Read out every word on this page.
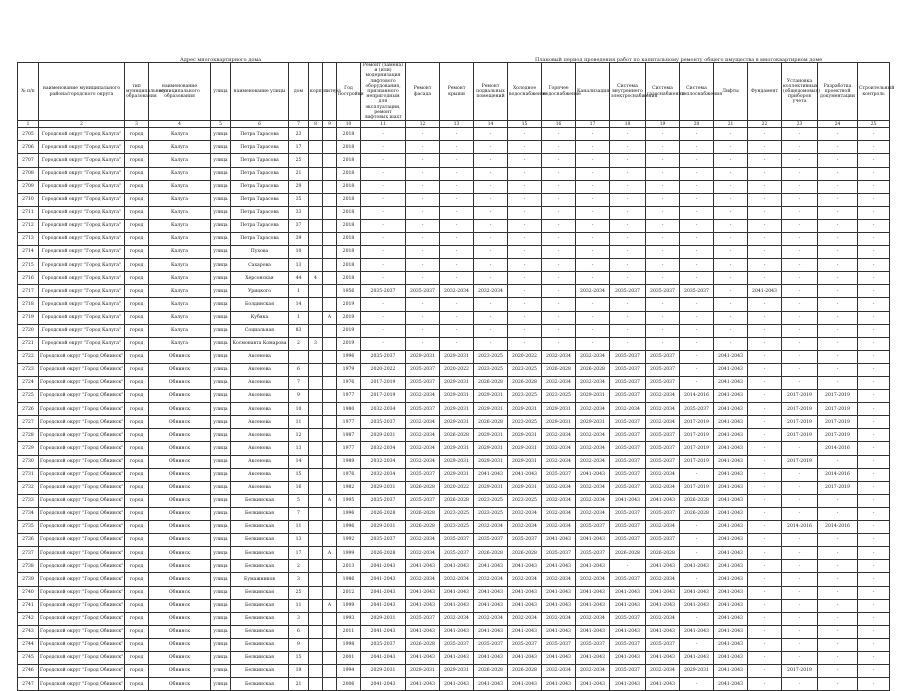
Адрес многоквартирного дома	Плановый период проведения работ по капитальному ремонту общего имущества в многоквартирном доме
№ п/п	наименование муниципального района/городского округа	тип муниципального образования	наименование муниципального образования	улица	наименование улицы	дом	корпус	литера	Год постройки	Ремонт (замена) и (или) модернизация лифтового оборудования, признанного непригодным для эксплуатации, ремонт лифтовых шахт	Ремонт фасада	Ремонт крыши	Ремонт подвальных помещений	Холодное водоснабжение	Горячее водоснабжение	Канализация	Система внутреннего электроснабжения	Система газоснабжения	Система теплоснабжения	Лифты	Фундамент	Установка коллективных (общедомовых) приборов учета	Разработка проектной документации	Строительный контроль
1	2	3	4	5	6	7	8	9	10	11	12	13	14	15	16	17	18	19	20	21	22	23	24	25
2705	Городской округ "Город Калуга"	город	Калуга	улица	Петра Тарасова	23			2018	-	-	-	-	-	-	-	-	-	-	-	-	-	-	-
2706	Городской округ "Город Калуга"	город	Калуга	улица	Петра Тарасова	17			2018	-	-	-	-	-	-	-	-	-	-	-	-	-	-	-
2707	Городской округ "Город Калуга"	город	Калуга	улица	Петра Тарасова	25			2018	-	-	-	-	-	-	-	-	-	-	-	-	-	-	-
2708	Городской округ "Город Калуга"	город	Калуга	улица	Петра Тарасова	21			2018	-	-	-	-	-	-	-	-	-	-	-	-	-	-	-
2709	Городской округ "Город Калуга"	город	Калуга	улица	Петра Тарасова	29			2018	-	-	-	-	-	-	-	-	-	-	-	-	-	-	-
2710	Городской округ "Город Калуга"	город	Калуга	улица	Петра Тарасова	35			2018	-	-	-	-	-	-	-	-	-	-	-	-	-	-	-
2711	Городской округ "Город Калуга"	город	Калуга	улица	Петра Тарасова	33			2018	-	-	-	-	-	-	-	-	-	-	-	-	-	-	-
2712	Городской округ "Город Калуга"	город	Калуга	улица	Петра Тарасова	37			2018	-	-	-	-	-	-	-	-	-	-	-	-	-	-	-
2713	Городской округ "Город Калуга"	город	Калуга	улица	Петра Тарасова	39			2018	-	-	-	-	-	-	-	-	-	-	-	-	-	-	-
2714	Городской округ "Город Калуга"	город	Калуга	улица	Пухова	10			2018	-	-	-	-	-	-	-	-	-	-	-	-	-	-	-
2715	Городской округ "Город Калуга"	город	Калуга	улица	Сахарова	13			2018	-	-	-	-	-	-	-	-	-	-	-	-	-	-	-
2716	Городской округ "Город Калуга"	город	Калуга	улица	Херсонская	44	4		2018	-	-	-	-	-	-	-	-	-	-	-	-	-	-	-
2717	Городской округ "Город Калуга"	город	Калуга	улица	Урицкого	1			1956	2035-2037	2035-2037	2032-2034	2032-2034	-	-	2032-2034	2035-2037	2035-2037	2035-2037	-	2041-2043	-	-	-
2718	Городской округ "Город Калуга"	город	Калуга	улица	Болдинская	14			2019	-	-	-	-	-	-	-	-	-	-	-	-	-	-	-
2719	Городской округ "Город Калуга"	город	Калуга	улица	Кубяка	1		А	2019	-	-	-	-	-	-	-	-	-	-	-	-	-	-	-
2720	Городской округ "Город Калуга"	город	Калуга	улица	Социальная	83			2019	-	-	-	-	-	-	-	-	-	-	-	-	-	-	-
2721	Городской округ "Город Калуга"	город	Калуга	улица	Космонавта Комарова	2	3		2019	-	-	-	-	-	-	-	-	-	-	-	-	-	-	-
2722	Городской округ "Город Обнинск"	город	Обнинск	улица	Аксенова				1996	2035-2037	2029-2031	2029-2031	2023-2025	2020-2022	2032-2034	2032-2034	2035-2037	2035-2037	-	2041-2043	-	-	-	-
2723	Городской округ "Город Обнинск"	город	Обнинск	улица	Аксенова	6			1979	2020-2022	2035-2037	2020-2022	2023-2025	2023-2025	2026-2028	2026-2028	2035-2037	2035-2037	-	2041-2043	-	-	-	-
2724	Городской округ "Город Обнинск"	город	Обнинск	улица	Аксенова	7			1976	2017-2019	2035-2037	2029-2031	2026-2028	2026-2028	2032-2034	2032-2034	2035-2037	2035-2037	-	2041-2043	-	-	-	-
2725	Городской округ "Город Обнинск"	город	Обнинск	улица	Аксенова	9			1977	2017-2019	2032-2034	2029-2031	2029-2031	2023-2025	2023-2025	2029-2031	2035-2037	2032-2034	2014-2016	2041-2043	-	2017-2019	2017-2019	-
2726	Городской округ "Город Обнинск"	город	Обнинск	улица	Аксенова	10			1980	2032-2034	2035-2037	2029-2031	2029-2031	2029-2031	2029-2031	2032-2034	2032-2034	2032-2034	2035-2037	2041-2043	-	2017-2019	2017-2019	-
2727	Городской округ "Город Обнинск"	город	Обнинск	улица	Аксенова	11			1977	2035-2037	2032-2034	2029-2031	2026-2028	2023-2025	2029-2031	2029-2031	2035-2037	2032-2034	2017-2019	2041-2043	-	2017-2019	2017-2019	-
2728	Городской округ "Город Обнинск"	город	Обнинск	улица	Аксенова	12			1987	2029-2031	2032-2034	2026-2028	2029-2031	2029-2031	2032-2034	2032-2034	2035-2037	2035-2037	2017-2019	2041-2043	-	2017-2019	2017-2019	-
2729	Городской округ "Город Обнинск"	город	Обнинск	улица	Аксенова	13			1977	2032-2034	2032-2034	2029-2031	2029-2031	2029-2031	2032-2034	2032-2034	2035-2037	2035-2037	2017-2019	2041-2043	-	-	2014-2016	-
2730	Городской округ "Город Обнинск"	город	Обнинск	улица	Аксенова	14			1989	2032-2034	2032-2034	2029-2031	2029-2031	2029-2031	2032-2034	2032-2034	2035-2037	2035-2037	2017-2019	2041-2043	-	2017-2019	-	-
2731	Городской округ "Город Обнинск"	город	Обнинск	улица	Аксенова	15			1976	2032-2034	2035-2037	2029-2031	2041-2043	2041-2043	2035-2037	2041-2043	2035-2037	2032-2034	-	2041-2043	-	-	2014-2016	-
2732	Городской округ "Город Обнинск"	город	Обнинск	улица	Аксенова	16			1982	2029-2031	2026-2028	2020-2022	2029-2031	2029-2031	2032-2034	2032-2034	2035-2037	2032-2034	2017-2019	2041-2043	-	-	2017-2019	-
2733	Городской округ "Город Обнинск"	город	Обнинск	улица	Белкинская	5		А	1995	2035-2037	2035-2037	2026-2028	2023-2025	2023-2025	2032-2034	2032-2034	2041-2043	2041-2043	2026-2028	2041-2043	-	-	-	-
2734	Городской округ "Город Обнинск"	город	Обнинск	улица	Белкинская	7			1996	2026-2028	2026-2028	2023-2025	2023-2025	2032-2034	2032-2034	2032-2034	2035-2037	2035-2037	2026-2028	2041-2043	-	-	-	-
2735	Городской округ "Город Обнинск"	город	Обнинск	улица	Белкинская	11			1996	2029-2031	2026-2028	2023-2025	2032-2034	2032-2034	2032-2034	2035-2037	2035-2037	2032-2034	-	2041-2043	-	2014-2016	2014-2016	-
2736	Городской округ "Город Обнинск"	город	Обнинск	улица	Белкинская	13			1992	2035-2037	2032-2034	2035-2037	2035-2037	2035-2037	2041-2043	2041-2043	2035-2037	2035-2037	-	2041-2043	-	-	-	-
2737	Городской округ "Город Обнинск"	город	Обнинск	улица	Белкинская	17		А	1999	2026-2028	2032-2034	2035-2037	2026-2028	2026-2028	2035-2037	2035-2037	2026-2028	2026-2028	-	2041-2043	-	-	-	-
2738	Городской округ "Город Обнинск"	город	Обнинск	улица	Белкинская	2			2013	2041-2043	2041-2043	2041-2043	2041-2043	2041-2043	2041-2043	2041-2043	-	2041-2043	2041-2043	2041-2043	-	-	-	-
2739	Городской округ "Город Обнинск"	город	Обнинск	улица	Бумажников	3			1986	2041-2043	2032-2034	2032-2034	2032-2034	2032-2034	2032-2034	2032-2034	2035-2037	2032-2034	-	2041-2043	-	-	-	-
2740	Городской округ "Город Обнинск"	город	Обнинск	улица	Белкинская	25			2012	2041-2043	2041-2043	2041-2043	2041-2043	2041-2043	2041-2043	2041-2043	2041-2043	2041-2043	2041-2043	2041-2043	-	-	-	-
2741	Городской округ "Город Обнинск"	город	Обнинск	улица	Белкинская	11		А	1999	2041-2043	2041-2043	2041-2043	2041-2043	2041-2043	2041-2043	2041-2043	2041-2043	2041-2043	2041-2043	2041-2043	-	-	-	-
2742	Городской округ "Город Обнинск"	город	Обнинск	улица	Белкинская	3			1993	2029-2031	2035-2037	2032-2034	2032-2034	2032-2034	2032-2034	2032-2034	2035-2037	2032-2034	-	2041-2043	-	-	-	-
2743	Городской округ "Город Обнинск"	город	Обнинск	улица	Белкинская	6			2011	2041-2043	2041-2043	2041-2043	2041-2043	2041-2043	2041-2043	2041-2043	2041-2043	2041-2043	2041-2043	2041-2043	-	-	-	-
2744	Городской округ "Город Обнинск"	город	Обнинск	улица	Белкинская	9			1998	2035-2037	2026-2028	2035-2037	2035-2037	2035-2037	2035-2037	2035-2037	2035-2037	2035-2037	-	2041-2043	-	-	-	-
2745	Городской округ "Город Обнинск"	город	Обнинск	улица	Белкинская	15			2001	2041-2043	2041-2043	2041-2043	2041-2043	2041-2043	2041-2043	2041-2043	2041-2043	2041-2043	2041-2043	2041-2043	-	-	-	-
2746	Городской округ "Город Обнинск"	город	Обнинск	улица	Белкинская	19			1994	2029-2031	2029-2031	2029-2031	2026-2028	2026-2028	2032-2034	2032-2034	2035-2037	2032-2034	2029-2031	2041-2043	-	2017-2019	-	-
2747	Городской округ "Город Обнинск"	город	Обнинск	улица	Белкинская	21			2006	2041-2043	2041-2043	2041-2043	2041-2043	2041-2043	2041-2043	2041-2043	2041-2043	2041-2043	-	2041-2043	-	-	-	-
